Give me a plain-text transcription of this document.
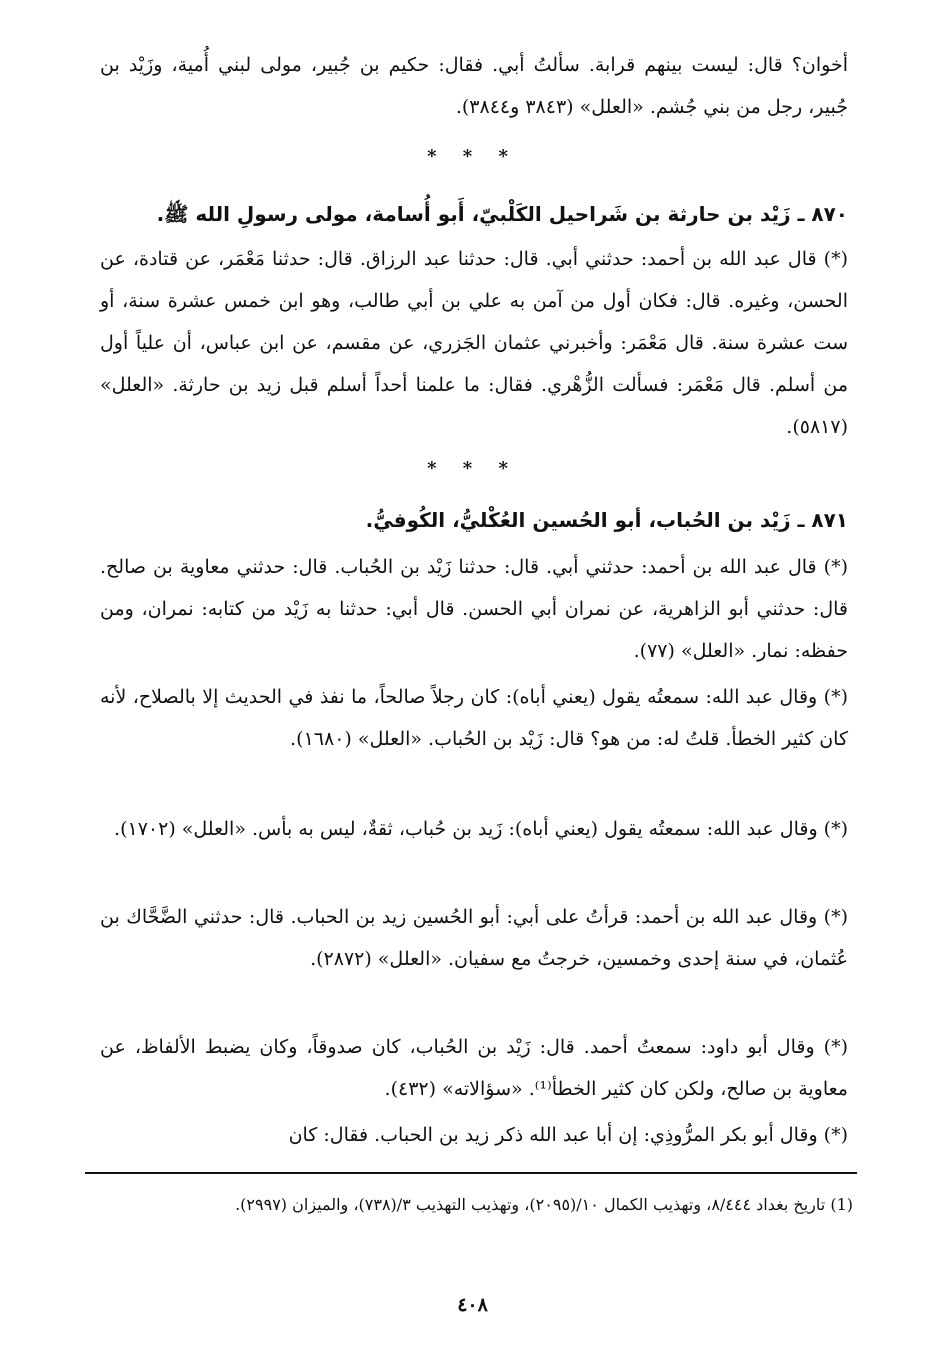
أخوان؟ قال: ليست بينهم قرابة. سألتُ أبي. فقال: حكيم بن جُبير، مولى لبني أُمية، وزَيْد بن جُبير، رجل من بني جُشم. «العلل» (٣٨٤٣ و٣٨٤٤).
* * *
٨٧٠ ـ زَيْد بن حارثة بن شَراحيل الكَلْبيّ، أَبو أُسامة، مولى رسولِ الله ﷺ.
(*) قال عبد الله بن أحمد: حدثني أبي. قال: حدثنا عبد الرزاق. قال: حدثنا مَعْمَر، عن قتادة، عن الحسن، وغيره. قال: فكان أول من آمن به علي بن أبي طالب، وهو ابن خمس عشرة سنة، أو ست عشرة سنة. قال مَعْمَر: وأخبرني عثمان الجَزري، عن مقسم، عن ابن عباس، أن علياً أول من أسلم. قال مَعْمَر: فسألت الزُّهْري. فقال: ما علمنا أحداً أسلم قبل زيد بن حارثة. «العلل» (٥٨١٧).
* * *
٨٧١ ـ زَيْد بن الحُباب، أبو الحُسين العُكْليُّ، الكُوفيُّ.
(*) قال عبد الله بن أحمد: حدثني أبي. قال: حدثنا زَيْد بن الحُباب. قال: حدثني معاوية بن صالح. قال: حدثني أبو الزاهرية، عن نمران أبي الحسن. قال أبي: حدثنا به زَيْد من كتابه: نمران، ومن حفظه: نمار. «العلل» (٧٧).
(*) وقال عبد الله: سمعتُه يقول (يعني أباه): كان رجلاً صالحاً، ما نفذ في الحديث إلا بالصلاح، لأنه كان كثير الخطأ. قلتُ له: من هو؟ قال: زَيْد بن الحُباب. «العلل» (١٦٨٠).
(*) وقال عبد الله: سمعتُه يقول (يعني أباه): زَيد بن حُباب، ثقةٌ، ليس به بأس. «العلل» (١٧٠٢).
(*) وقال عبد الله بن أحمد: قرأتُ على أبي: أبو الحُسين زيد بن الحباب. قال: حدثني الضَّحَّاك بن عُثمان، في سنة إحدى وخمسين، خرجتُ مع سفيان. «العلل» (٢٨٧٢).
(*) وقال أبو داود: سمعتُ أحمد. قال: زَيْد بن الحُباب، كان صدوقاً، وكان يضبط الألفاظ، عن معاوية بن صالح، ولكن كان كثير الخطأ⁽¹⁾. «سؤالاته» (٤٣٢).
(*) وقال أبو بكر المرُّوذِي: إن أبا عبد الله ذكر زيد بن الحباب. فقال: كان
(1) تاريخ بغداد ٨/٤٤٤، وتهذيب الكمال ١٠/(٢٠٩٥)، وتهذيب التهذيب ٣/(٧٣٨)، والميزان (٢٩٩٧).
٤٠٨
